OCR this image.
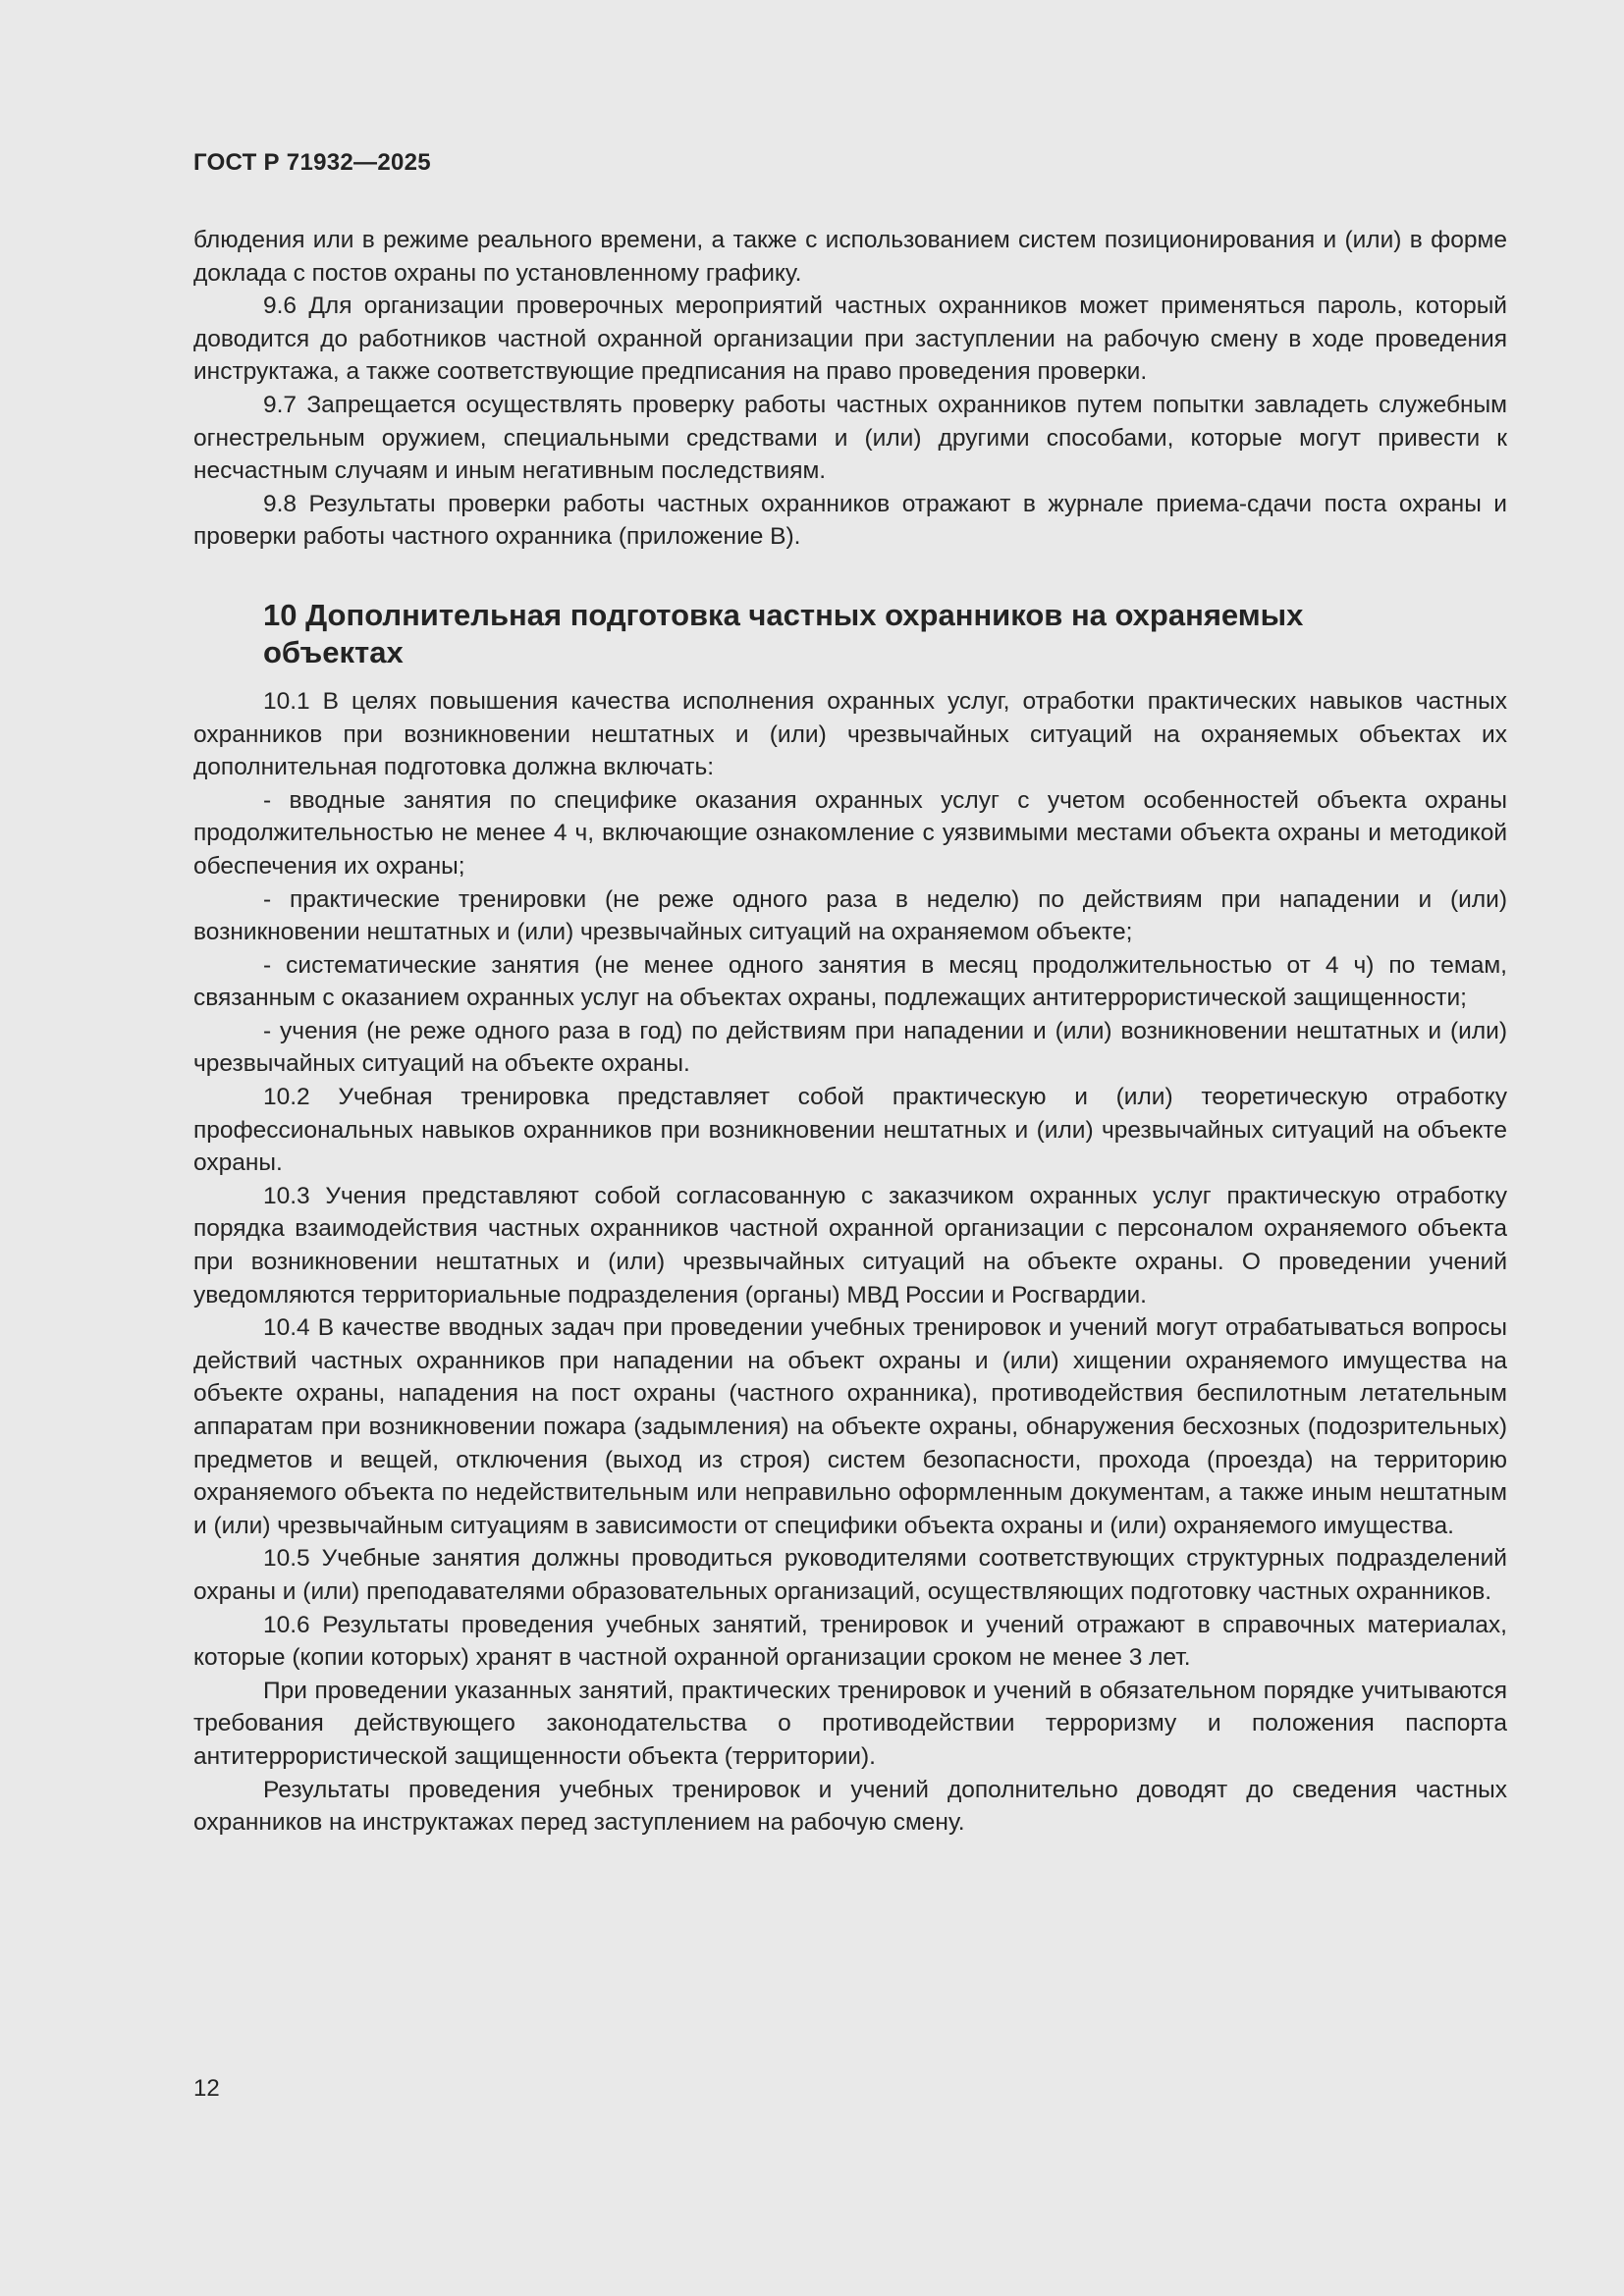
ГОСТ Р 71932—2025

блюдения или в режиме реального времени, а также с использованием систем позиционирования и (или) в форме доклада с постов охраны по установленному графику.

9.6 Для организации проверочных мероприятий частных охранников может применяться пароль, который доводится до работников частной охранной организации при заступлении на рабочую смену в ходе проведения инструктажа, а также соответствующие предписания на право проведения проверки.

9.7 Запрещается осуществлять проверку работы частных охранников путем попытки завладеть служебным огнестрельным оружием, специальными средствами и (или) другими способами, которые могут привести к несчастным случаям и иным негативным последствиям.

9.8 Результаты проверки работы частных охранников отражают в журнале приема-сдачи поста охраны и проверки работы частного охранника (приложение В).

10 Дополнительная подготовка частных охранников на охраняемых объектах

10.1 В целях повышения качества исполнения охранных услуг, отработки практических навыков частных охранников при возникновении нештатных и (или) чрезвычайных ситуаций на охраняемых объектах их дополнительная подготовка должна включать:

- вводные занятия по специфике оказания охранных услуг с учетом особенностей объекта охраны продолжительностью не менее 4 ч, включающие ознакомление с уязвимыми местами объекта охраны и методикой обеспечения их охраны;

- практические тренировки (не реже одного раза в неделю) по действиям при нападении и (или) возникновении нештатных и (или) чрезвычайных ситуаций на охраняемом объекте;

- систематические занятия (не менее одного занятия в месяц продолжительностью от 4 ч) по темам, связанным с оказанием охранных услуг на объектах охраны, подлежащих антитеррористической защищенности;

- учения (не реже одного раза в год) по действиям при нападении и (или) возникновении нештатных и (или) чрезвычайных ситуаций на объекте охраны.

10.2 Учебная тренировка представляет собой практическую и (или) теоретическую отработку профессиональных навыков охранников при возникновении нештатных и (или) чрезвычайных ситуаций на объекте охраны.

10.3 Учения представляют собой согласованную с заказчиком охранных услуг практическую отработку порядка взаимодействия частных охранников частной охранной организации с персоналом охраняемого объекта при возникновении нештатных и (или) чрезвычайных ситуаций на объекте охраны. О проведении учений уведомляются территориальные подразделения (органы) МВД России и Росгвардии.

10.4 В качестве вводных задач при проведении учебных тренировок и учений могут отрабатываться вопросы действий частных охранников при нападении на объект охраны и (или) хищении охраняемого имущества на объекте охраны, нападения на пост охраны (частного охранника), противодействия беспилотным летательным аппаратам при возникновении пожара (задымления) на объекте охраны, обнаружения бесхозных (подозрительных) предметов и вещей, отключения (выход из строя) систем безопасности, прохода (проезда) на территорию охраняемого объекта по недействительным или неправильно оформленным документам, а также иным нештатным и (или) чрезвычайным ситуациям в зависимости от специфики объекта охраны и (или) охраняемого имущества.

10.5 Учебные занятия должны проводиться руководителями соответствующих структурных подразделений охраны и (или) преподавателями образовательных организаций, осуществляющих подготовку частных охранников.

10.6 Результаты проведения учебных занятий, тренировок и учений отражают в справочных материалах, которые (копии которых) хранят в частной охранной организации сроком не менее 3 лет.

При проведении указанных занятий, практических тренировок и учений в обязательном порядке учитываются требования действующего законодательства о противодействии терроризму и положения паспорта антитеррористической защищенности объекта (территории).

Результаты проведения учебных тренировок и учений дополнительно доводят до сведения частных охранников на инструктажах перед заступлением на рабочую смену.

12
